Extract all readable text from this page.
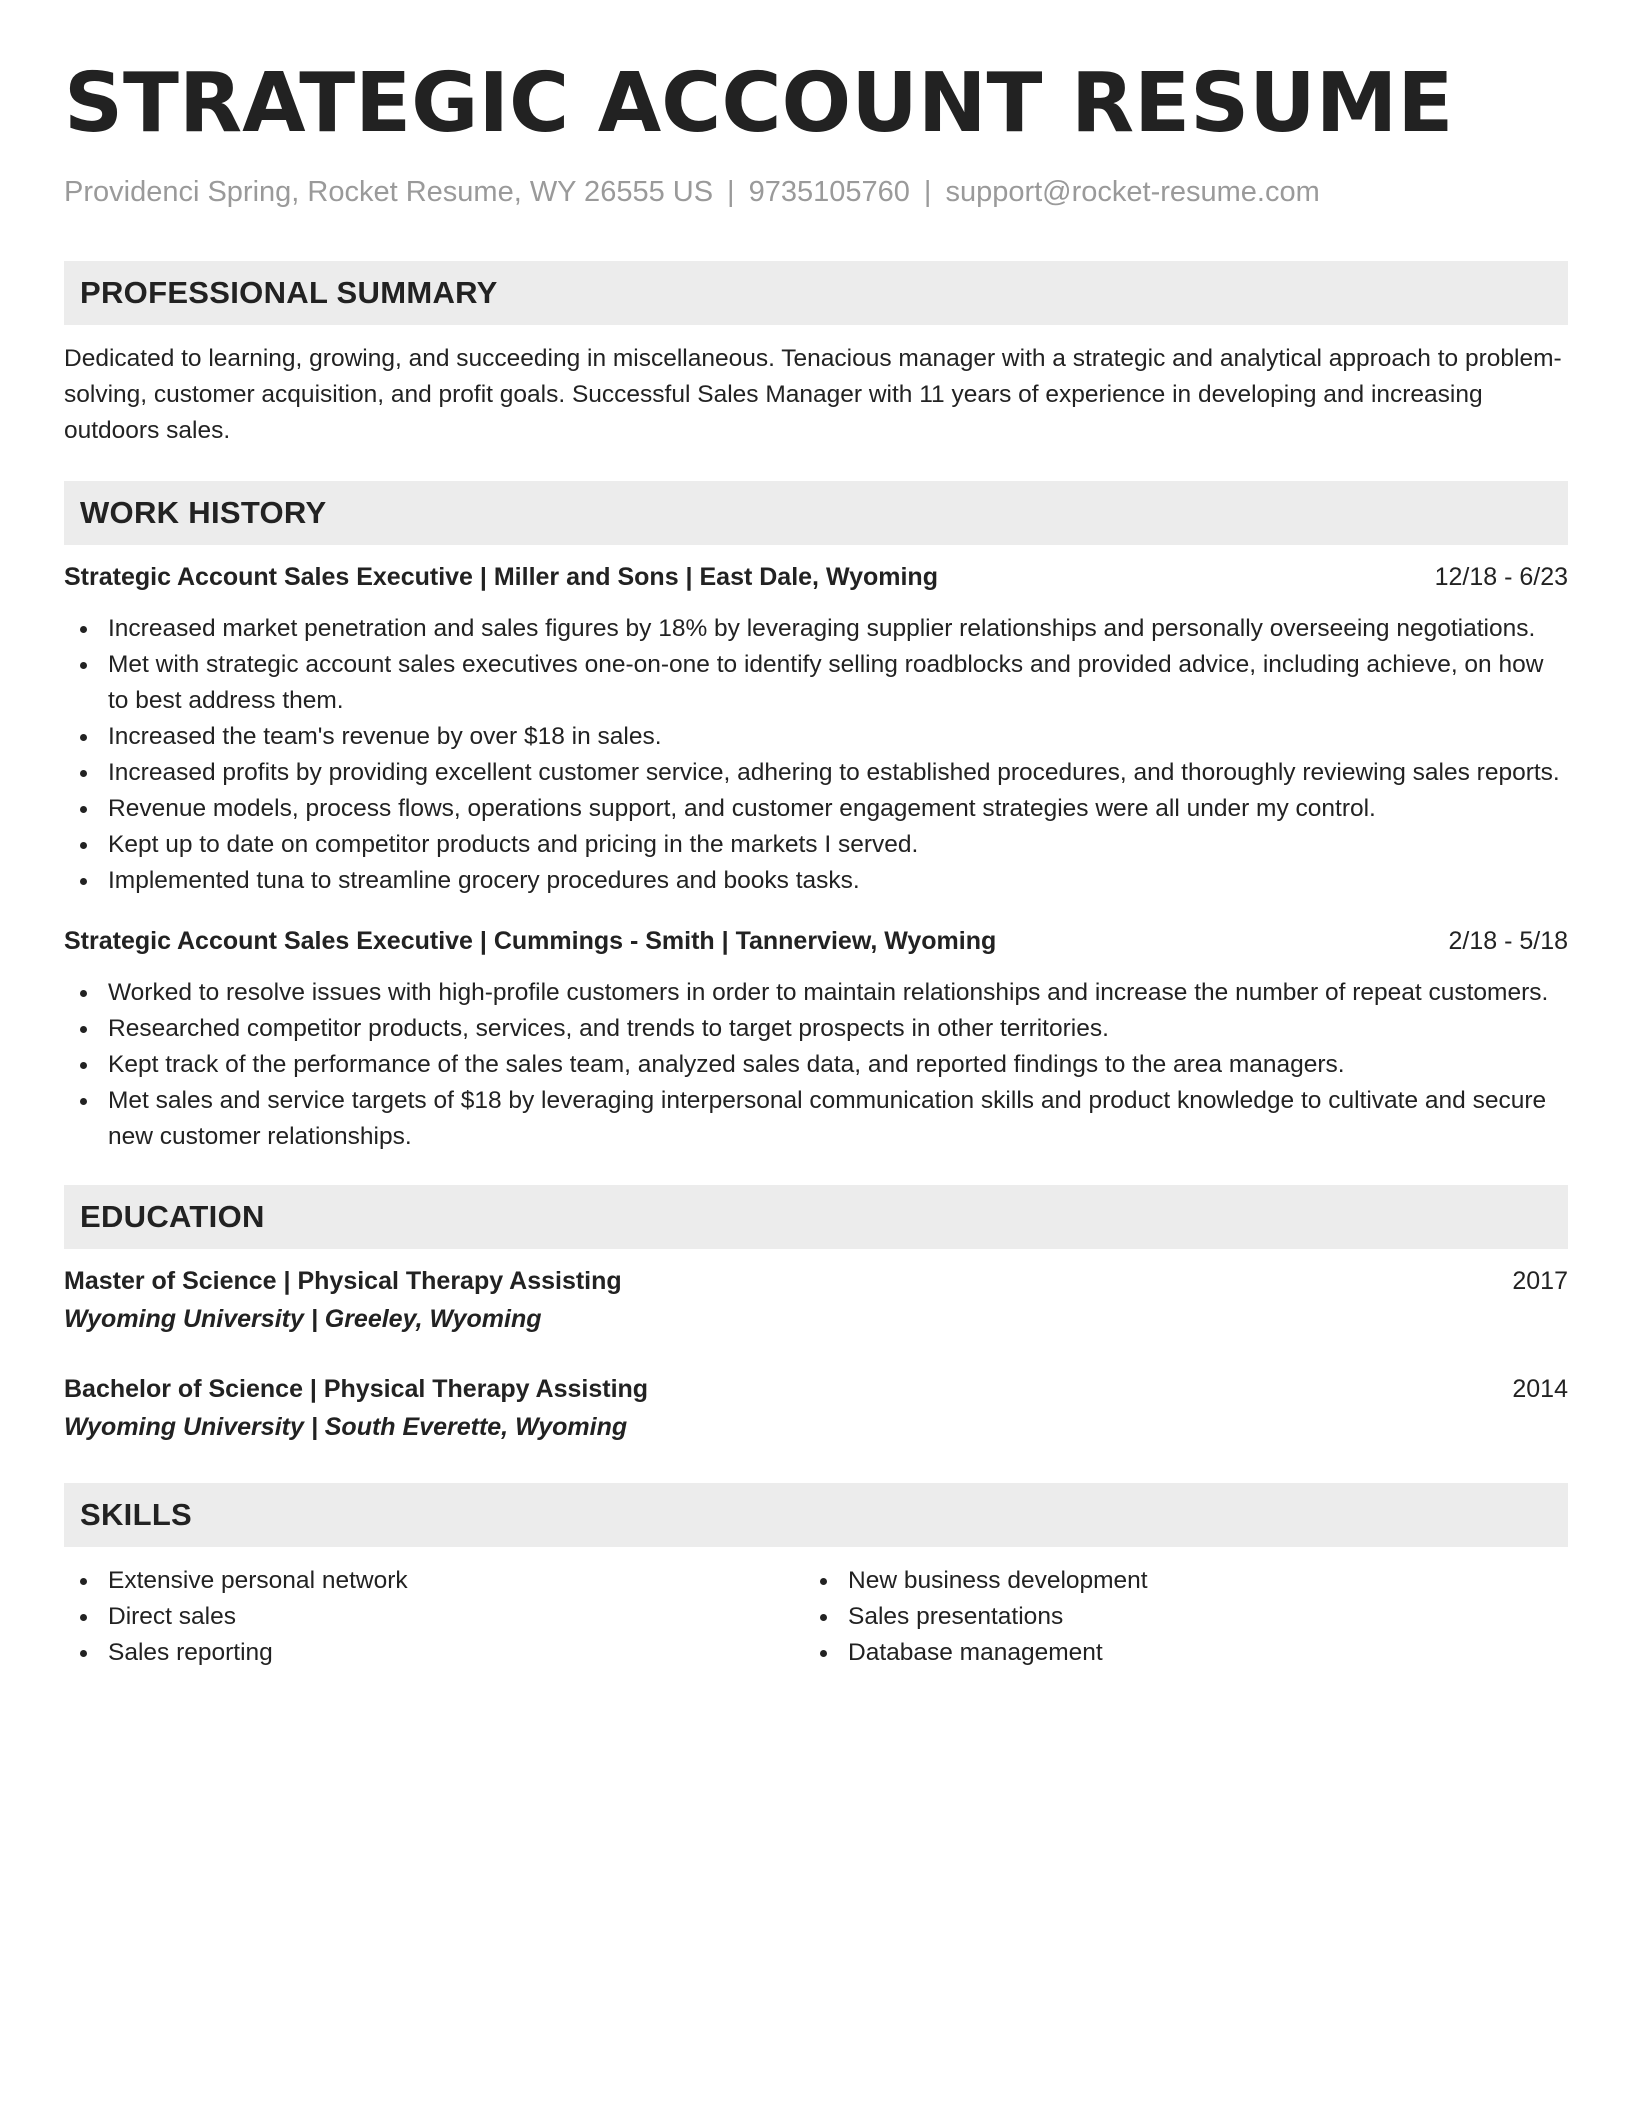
STRATEGIC ACCOUNT RESUME
Providenci Spring, Rocket Resume, WY 26555 US | 9735105760 | support@rocket-resume.com
PROFESSIONAL SUMMARY
Dedicated to learning, growing, and succeeding in miscellaneous. Tenacious manager with a strategic and analytical approach to problem-solving, customer acquisition, and profit goals. Successful Sales Manager with 11 years of experience in developing and increasing outdoors sales.
WORK HISTORY
Strategic Account Sales Executive | Miller and Sons | East Dale, Wyoming	12/18 - 6/23
Increased market penetration and sales figures by 18% by leveraging supplier relationships and personally overseeing negotiations.
Met with strategic account sales executives one-on-one to identify selling roadblocks and provided advice, including achieve, on how to best address them.
Increased the team's revenue by over $18 in sales.
Increased profits by providing excellent customer service, adhering to established procedures, and thoroughly reviewing sales reports.
Revenue models, process flows, operations support, and customer engagement strategies were all under my control.
Kept up to date on competitor products and pricing in the markets I served.
Implemented tuna to streamline grocery procedures and books tasks.
Strategic Account Sales Executive | Cummings - Smith | Tannerview, Wyoming	2/18 - 5/18
Worked to resolve issues with high-profile customers in order to maintain relationships and increase the number of repeat customers.
Researched competitor products, services, and trends to target prospects in other territories.
Kept track of the performance of the sales team, analyzed sales data, and reported findings to the area managers.
Met sales and service targets of $18 by leveraging interpersonal communication skills and product knowledge to cultivate and secure new customer relationships.
EDUCATION
Master of Science | Physical Therapy Assisting	2017
Wyoming University | Greeley, Wyoming
Bachelor of Science | Physical Therapy Assisting	2014
Wyoming University | South Everette, Wyoming
SKILLS
Extensive personal network
Direct sales
Sales reporting
New business development
Sales presentations
Database management
